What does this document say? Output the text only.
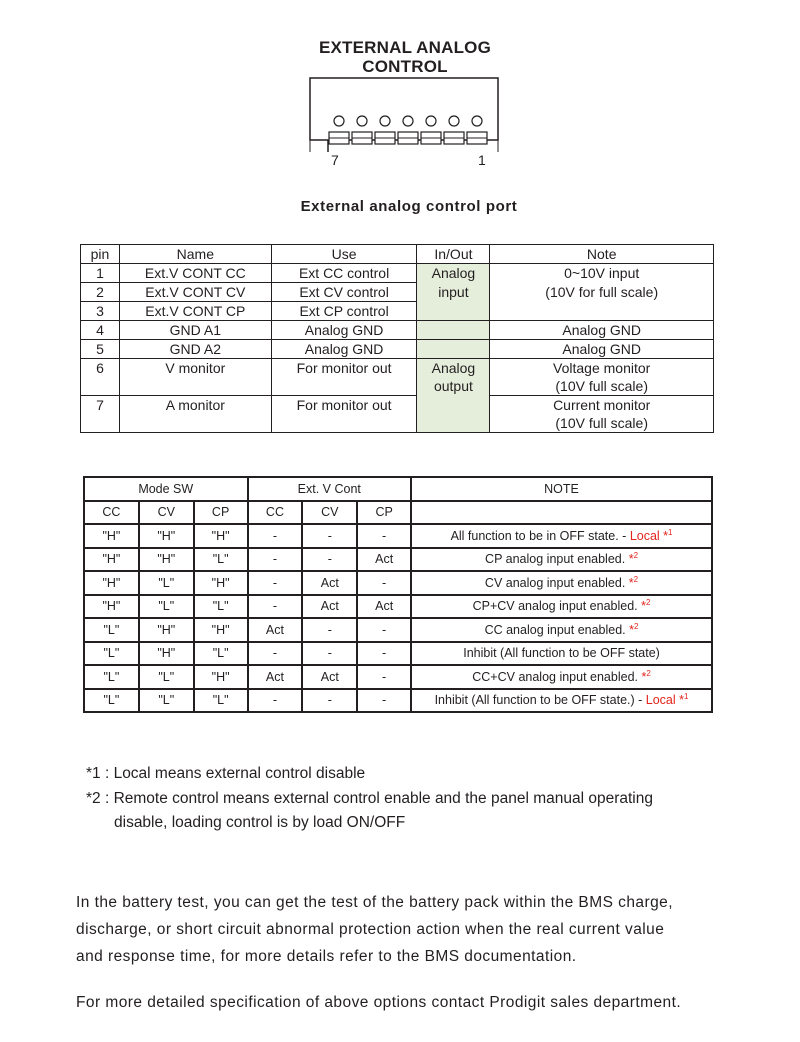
EXTERNAL ANALOG
CONTROL
7	1
External analog control port
pin	Name	Use	In/Out	Note
1	Ext.V CONT CC	Ext CC control	Analog	0~10V input
2	Ext.V CONT CV	Ext CV control	input	(10V for full scale)
3	Ext.V CONT CP	Ext CP control		
4	GND A1	Analog GND		Analog GND
5	GND A2	Analog GND		Analog GND
6	V monitor	For monitor out	Analog	Voltage monitor
			output	(10V full scale)
7	A monitor	For monitor out		Current monitor
				(10V full scale)
Mode SW			Ext. V Cont			NOTE
CC	CV	CP	CC	CV	CP	
"H"	"H"	"H"	-	-	-	All function to be in OFF state. - Local *$^1$
"H"	"H"	"L"	-	-	Act	CP analog input enabled. *$^2$
"H"	"L"	"H"	-	Act	-	CV analog input enabled. *$^2$
"H"	"L"	"L"	-	Act	Act	CP+CV analog input enabled. *$^2$
"L"	"H"	"H"	Act	-	-	CC analog input enabled. *$^2$
"L"	"H"	"L"	-	-	-	Inhibit (All function to be OFF state)
"L"	"L"	"H"	Act	Act	-	CC+CV analog input enabled. *$^2$
"L"	"L"	"L"	-	-	-	Inhibit (All function to be OFF state.) - Local *$^1$
*1 : Local means external control disable
*2 : Remote control means external control enable and the panel manual operating
disable, loading control is by load ON/OFF
In the battery test, you can get the test of the battery pack within the BMS charge,
discharge, or short circuit abnormal protection action when the real current value
and response time, for more details refer to the BMS documentation.
For more detailed specification of above options contact Prodigit sales department.
